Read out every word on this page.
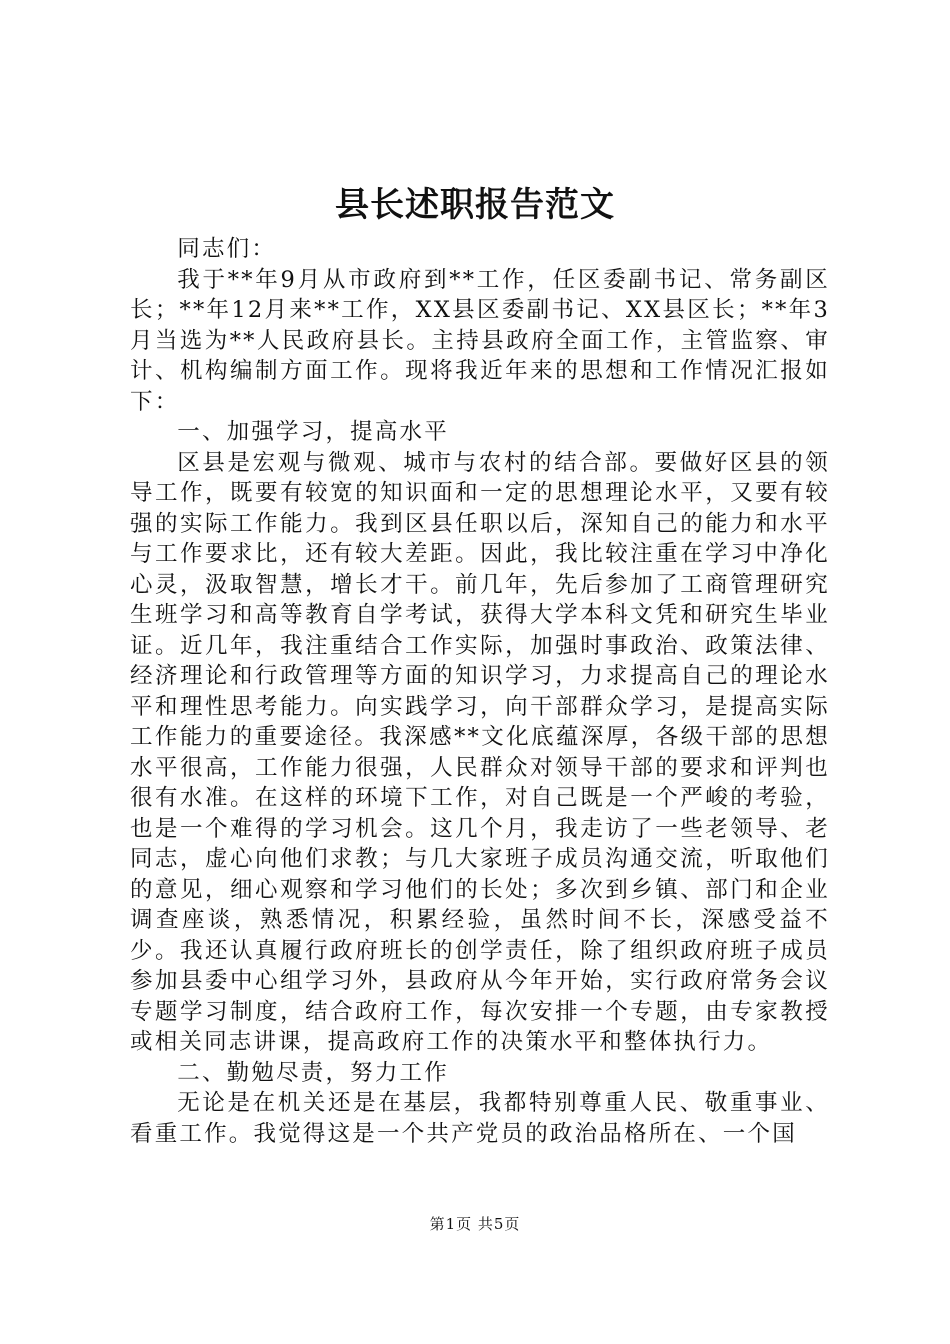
县长述职报告范文

同志们：

我于**年9月从市政府到**工作，任区委副书记、常务副区长；**年12月来**工作，XX县区委副书记、XX县区长；**年3月当选为**人民政府县长。主持县政府全面工作，主管监察、审计、机构编制方面工作。现将我近年来的思想和工作情况汇报如下：

一、加强学习，提高水平

区县是宏观与微观、城市与农村的结合部。要做好区县的领导工作，既要有较宽的知识面和一定的思想理论水平，又要有较强的实际工作能力。我到区县任职以后，深知自己的能力和水平与工作要求比，还有较大差距。因此，我比较注重在学习中净化心灵，汲取智慧，增长才干。前几年，先后参加了工商管理研究生班学习和高等教育自学考试，获得大学本科文凭和研究生毕业证。近几年，我注重结合工作实际，加强时事政治、政策法律、经济理论和行政管理等方面的知识学习，力求提高自己的理论水平和理性思考能力。向实践学习，向干部群众学习，是提高实际工作能力的重要途径。我深感**文化底蕴深厚，各级干部的思想水平很高，工作能力很强，人民群众对领导干部的要求和评判也很有水准。在这样的环境下工作，对自己既是一个严峻的考验，也是一个难得的学习机会。这几个月，我走访了一些老领导、老同志，虚心向他们求教；与几大家班子成员沟通交流，听取他们的意见，细心观察和学习他们的长处；多次到乡镇、部门和企业调查座谈，熟悉情况，积累经验，虽然时间不长，深感受益不少。我还认真履行政府班长的创学责任，除了组织政府班子成员参加县委中心组学习外，县政府从今年开始，实行政府常务会议专题学习制度，结合政府工作，每次安排一个专题，由专家教授或相关同志讲课，提高政府工作的决策水平和整体执行力。

二、勤勉尽责，努力工作

无论是在机关还是在基层，我都特别尊重人民、敬重事业、看重工作。我觉得这是一个共产党员的政治品格所在、一个国

第1页 共5页
